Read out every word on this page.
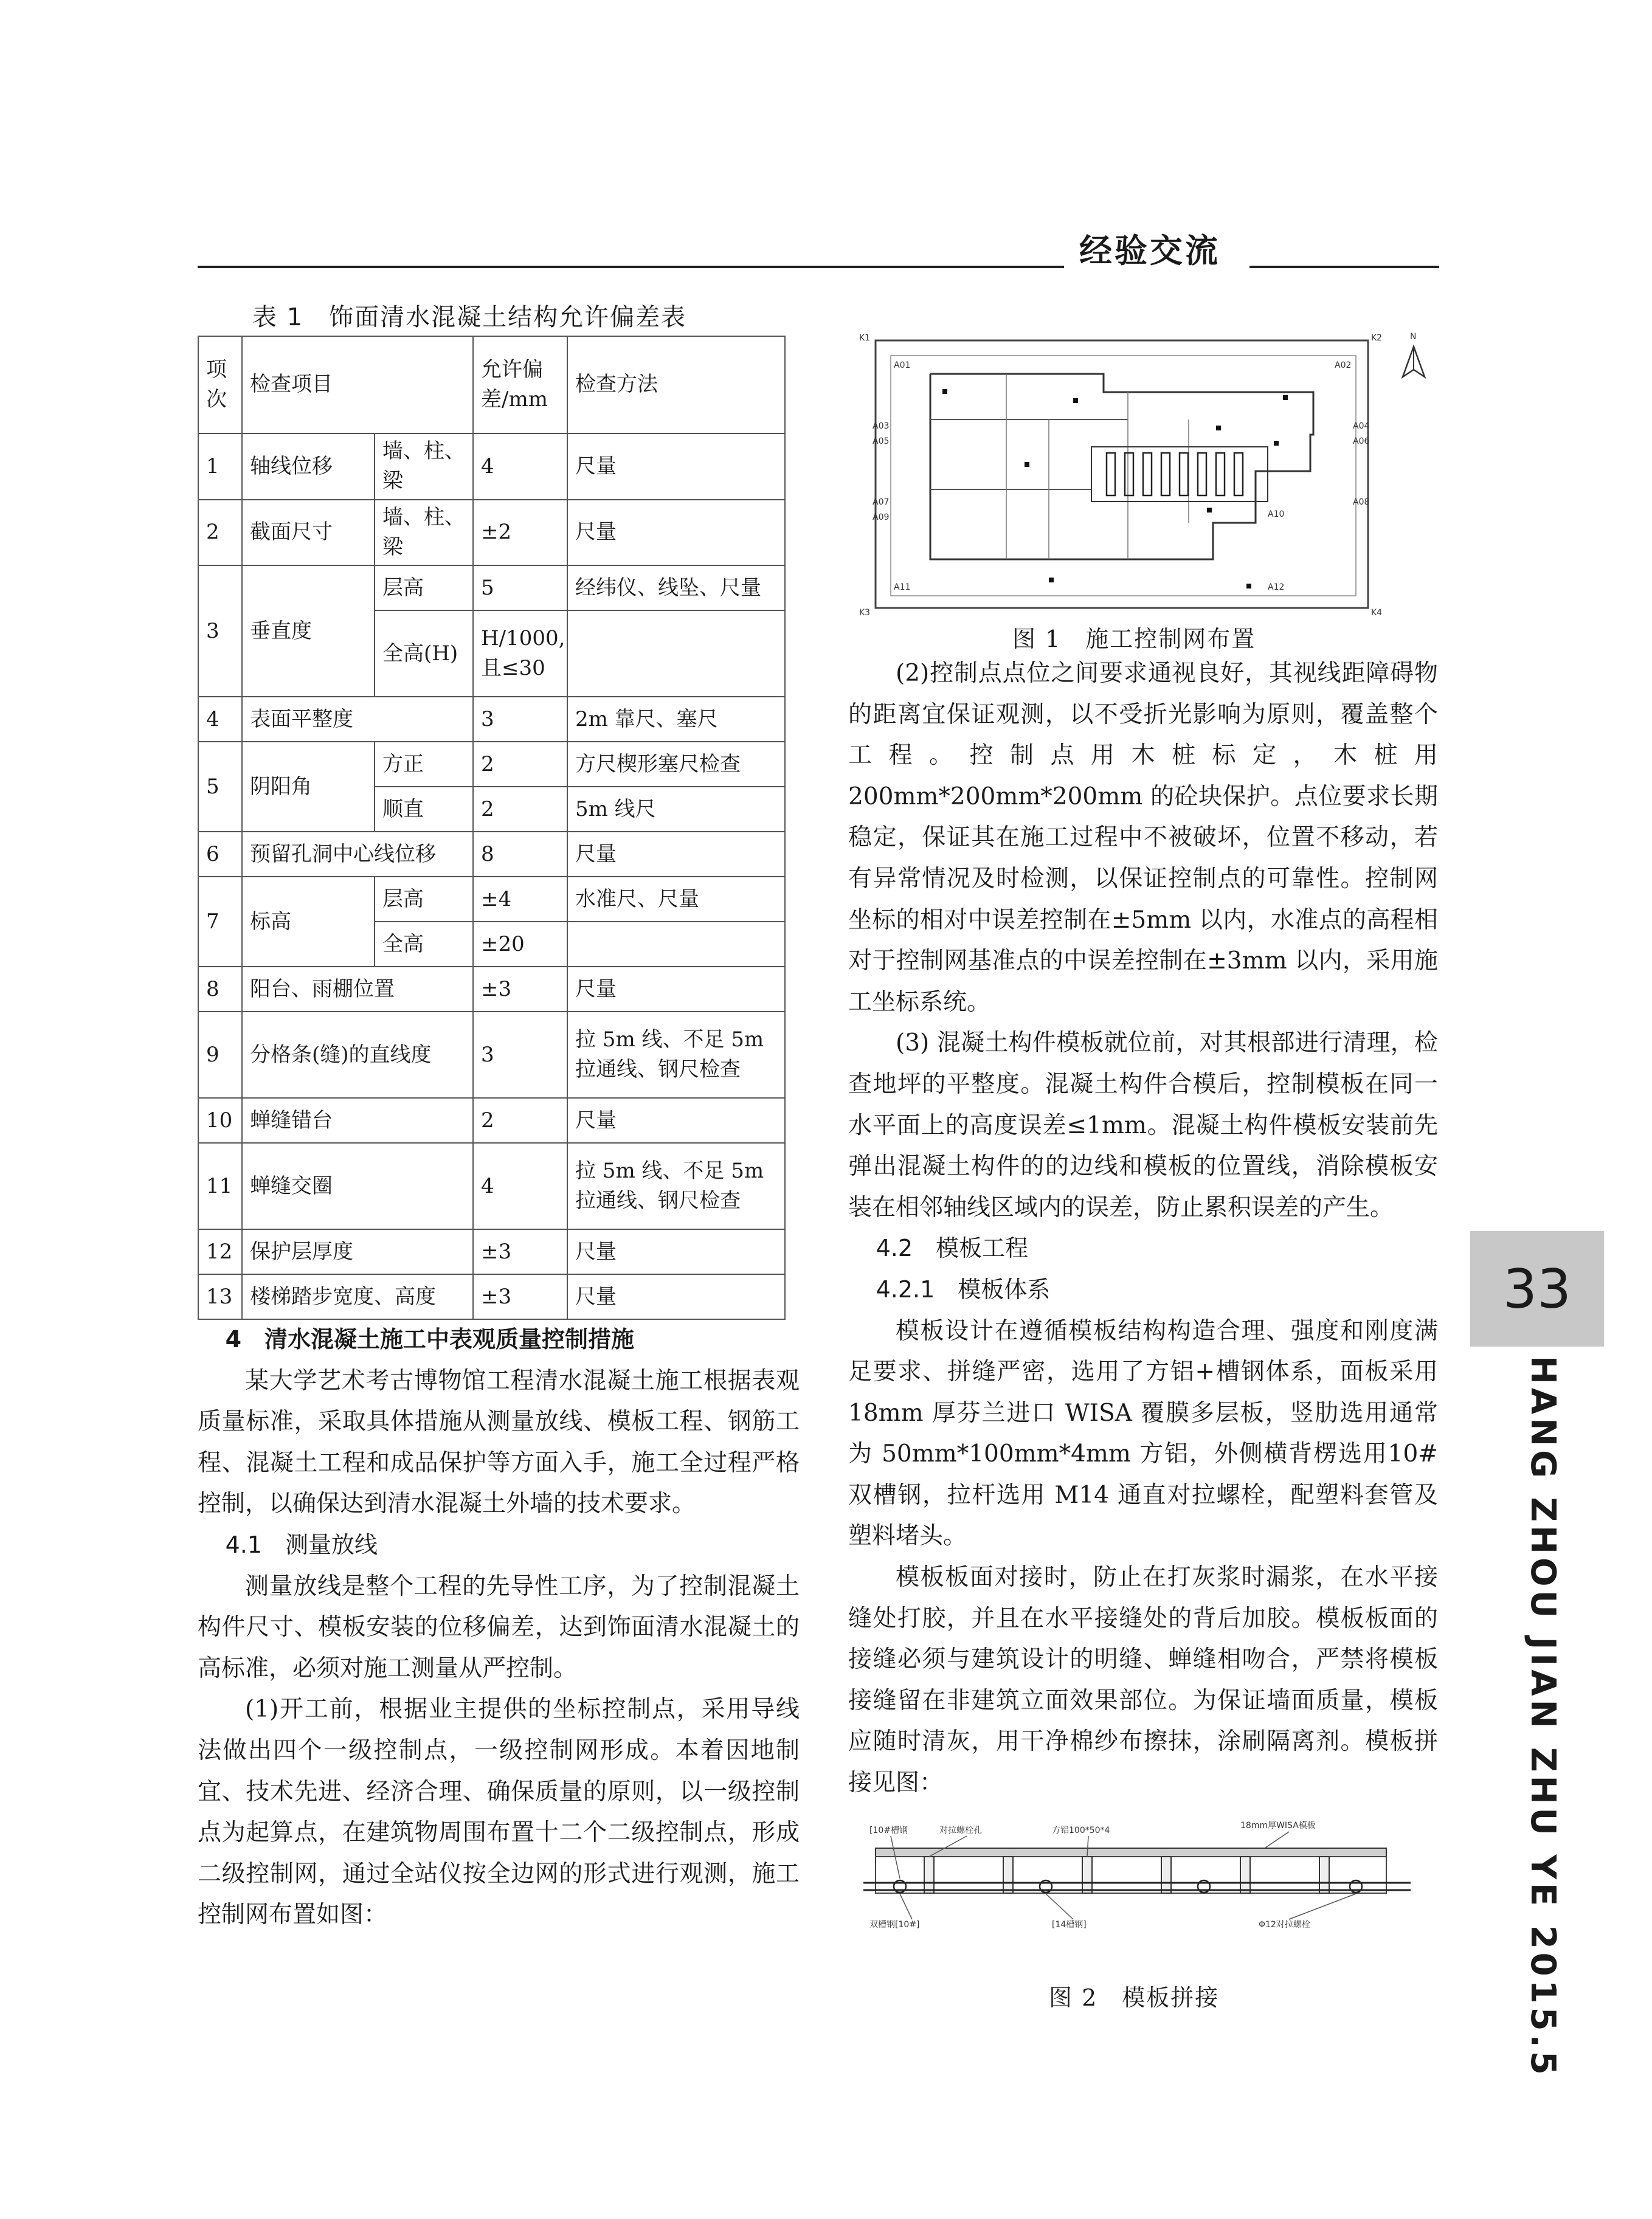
经验交流
表 1　饰面清水混凝土结构允许偏差表
项次	检查项目		允许偏差/mm	检查方法
1	轴线位移	墙、柱、梁	4	尺量
2	截面尺寸	墙、柱、梁	±2	尺量
3	垂直度	层高	5	经纬仪、线坠、尺量
		全高(H)	H/1000,且≤30	
4	表面平整度		3	2m 靠尺、塞尺
5	阴阳角	方正	2	方尺楔形塞尺检查
		顺直	2	5m 线尺
6	预留孔洞中心线位移		8	尺量
7	标高	层高	±4	水准尺、尺量
		全高	±20	
8	阳台、雨棚位置		±3	尺量
9	分格条(缝)的直线度		3	拉 5m 线、不足 5m 拉通线、钢尺检查
10	蝉缝错台		2	尺量
11	蝉缝交圈		4	拉 5m 线、不足 5m 拉通线、钢尺检查
12	保护层厚度		±3	尺量
13	楼梯踏步宽度、高度		±3	尺量
4　清水混凝土施工中表观质量控制措施

某大学艺术考古博物馆工程清水混凝土施工根据表观质量标准，采取具体措施从测量放线、模板工程、钢筋工程、混凝土工程和成品保护等方面入手，施工全过程严格控制，以确保达到清水混凝土外墙的技术要求。

4.1　测量放线

测量放线是整个工程的先导性工序，为了控制混凝土构件尺寸、模板安装的位移偏差，达到饰面清水混凝土的高标准，必须对施工测量从严控制。

(1)开工前，根据业主提供的坐标控制点，采用导线法做出四个一级控制点，一级控制网形成。本着因地制宜、技术先进、经济合理、确保质量的原则，以一级控制点为起算点，在建筑物周围布置十二个二级控制点，形成二级控制网，通过全站仪按全边网的形式进行观测，施工控制网布置如图：

K1	K2
K3	K4
A01	A02
A03	A04
A05	A06
A07	A08
A09	A10
A11	A12
N
图 1　施工控制网布置

(2)控制点点位之间要求通视良好，其视线距障碍物的距离宜保证观测，以不受折光影响为原则，覆盖整个工程。控制点用木桩标定，木桩用200mm*200mm*200mm 的砼块保护。点位要求长期稳定，保证其在施工过程中不被破坏，位置不移动，若有异常情况及时检测，以保证控制点的可靠性。控制网坐标的相对中误差控制在±5mm 以内，水准点的高程相对于控制网基准点的中误差控制在±3mm 以内，采用施工坐标系统。

(3) 混凝土构件模板就位前，对其根部进行清理，检查地坪的平整度。混凝土构件合模后，控制模板在同一水平面上的高度误差≤1mm。混凝土构件模板安装前先弹出混凝土构件的的边线和模板的位置线，消除模板安装在相邻轴线区域内的误差，防止累积误差的产生。

4.2　模板工程
4.2.1　模板体系

模板设计在遵循模板结构构造合理、强度和刚度满足要求、拼缝严密，选用了方铝+槽钢体系，面板采用 18mm 厚芬兰进口 WISA 覆膜多层板，竖肋选用通常为 50mm*100mm*4mm 方铝，外侧横背楞选用10# 双槽钢，拉杆选用 M14 通直对拉螺栓，配塑料套管及塑料堵头。

模板板面对接时，防止在打灰浆时漏浆，在水平接缝处打胶，并且在水平接缝处的背后加胶。模板板面的接缝必须与建筑设计的明缝、蝉缝相吻合，严禁将模板接缝留在非建筑立面效果部位。为保证墙面质量，模板应随时清灰，用干净棉纱布擦抹，涂刷隔离剂。模板拼接见图：

[10#槽钢	对拉螺栓孔	方铝100*50*4	18mm厚WISA模板
双槽钢[10#]	[14槽钢]	Φ12对拉螺栓
图 2　模板拼接
33
HANG ZHOU JIAN ZHU YE 2015.5
